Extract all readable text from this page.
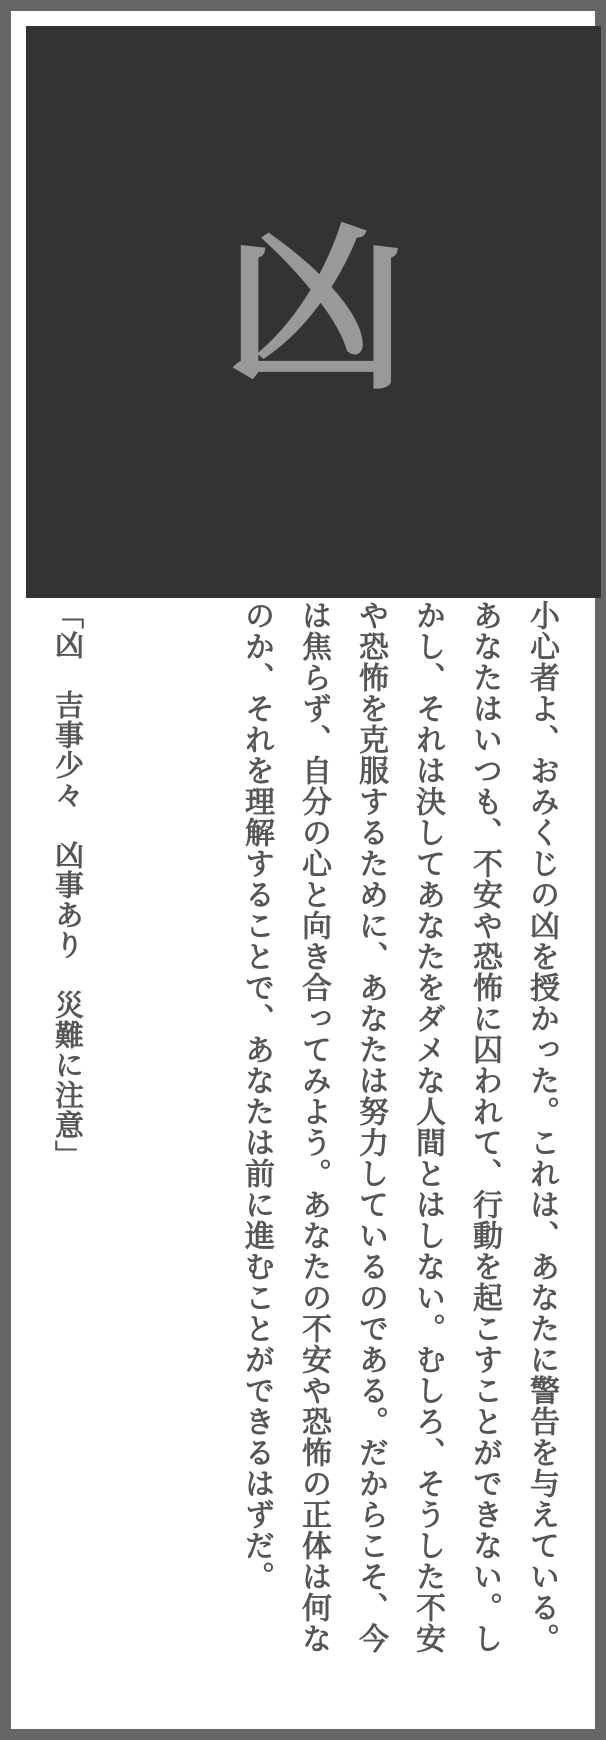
凶
小心者よ、おみくじの凶を授かった。これは、あなたに警告を与えている。あなたはいつも、不安や恐怖に囚われて、行動を起こすことができない。しかし、それは決してあなたをダメな人間とはしない。むしろ、そうした不安や恐怖を克服するために、あなたは努力しているのである。だからこそ、今は焦らず、自分の心と向き合ってみよう。あなたの不安や恐怖の正体は何なのか、それを理解することで、あなたは前に進むことができるはずだ。
「凶　吉事少々　凶事あり　災難に注意」
